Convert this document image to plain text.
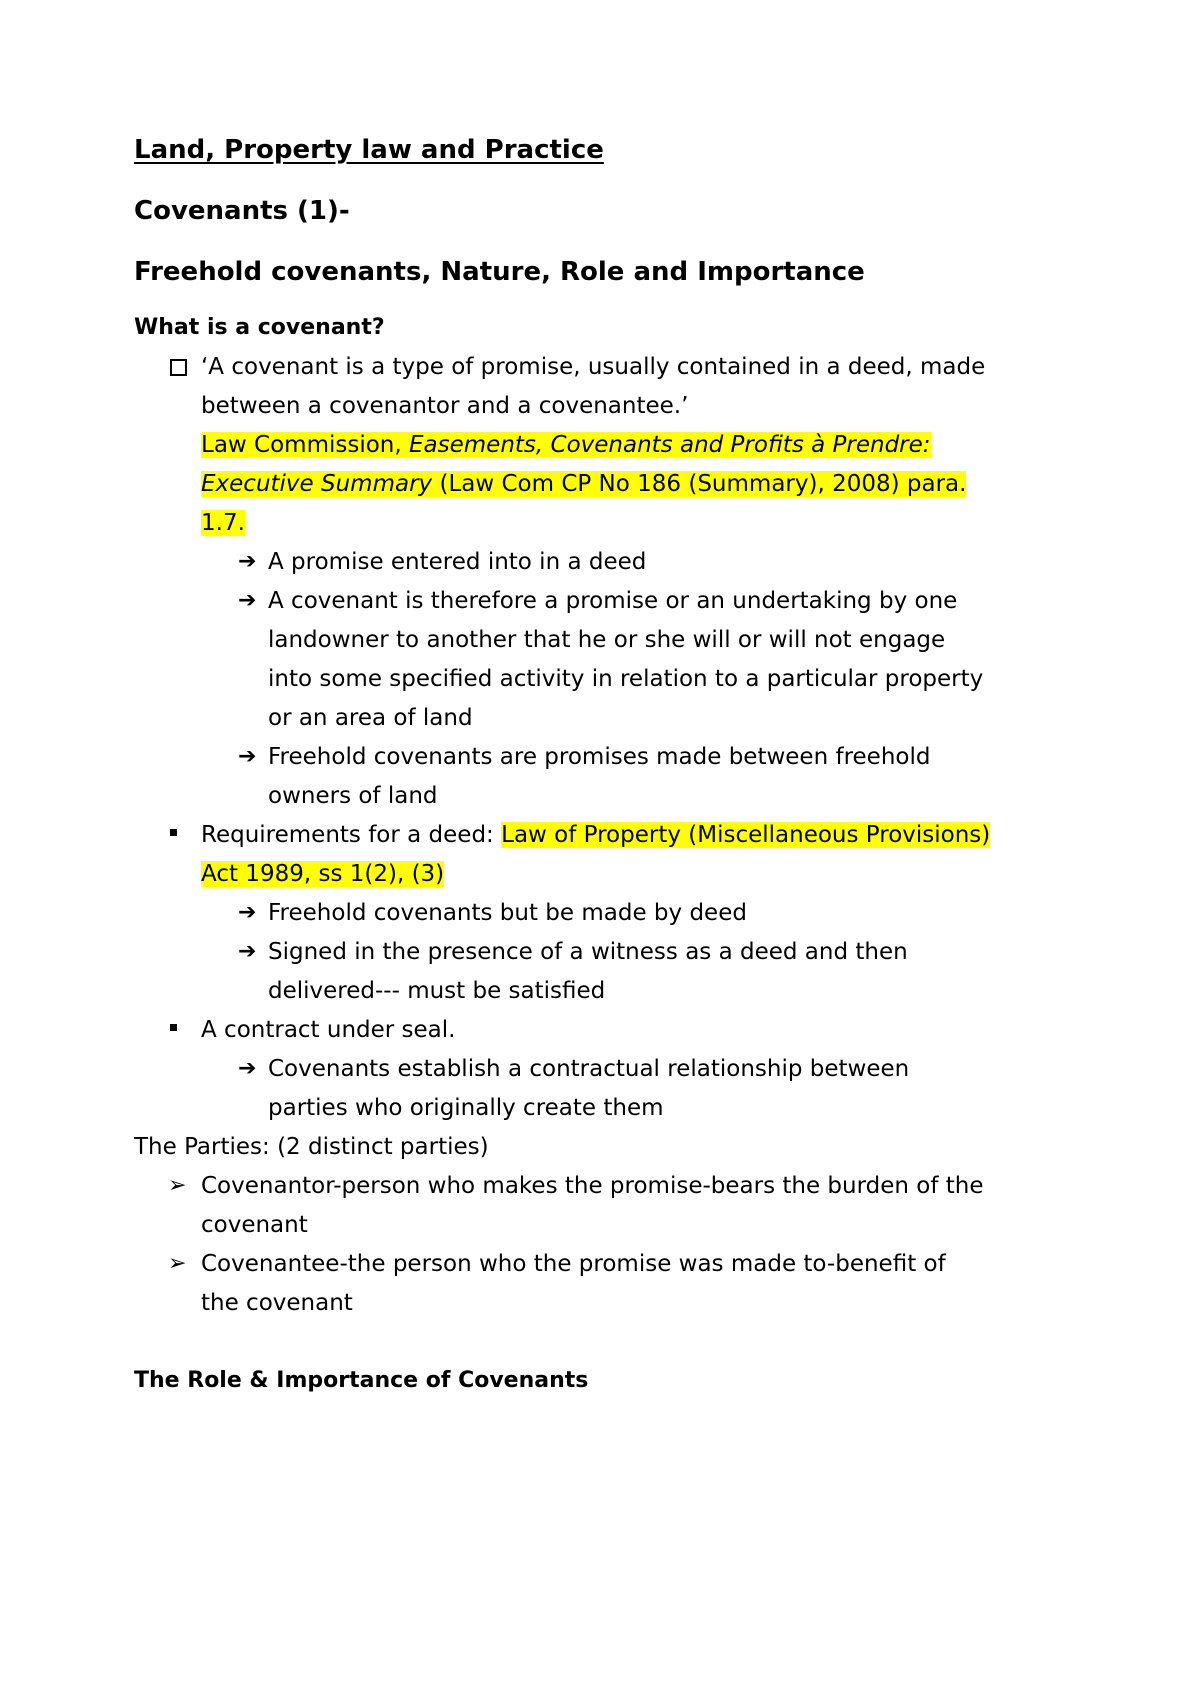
Land, Property law and Practice
Covenants (1)-
Freehold covenants, Nature, Role and Importance
What is a covenant?
‘A covenant is a type of promise, usually contained in a deed, made
between a covenantor and a covenantee.’
Law Commission, Easements, Covenants and Profits à Prendre:
Executive Summary (Law Com CP No 186 (Summary), 2008) para.
1.7.
➔ A promise entered into in a deed
➔ A covenant is therefore a promise or an undertaking by one
landowner to another that he or she will or will not engage
into some specified activity in relation to a particular property
or an area of land
➔ Freehold covenants are promises made between freehold
owners of land
Requirements for a deed: Law of Property (Miscellaneous Provisions)
Act 1989, ss 1(2), (3)
➔ Freehold covenants but be made by deed
➔ Signed in the presence of a witness as a deed and then
delivered--- must be satisfied
A contract under seal.
➔ Covenants establish a contractual relationship between
parties who originally create them
The Parties: (2 distinct parties)
➢ Covenantor-person who makes the promise-bears the burden of the
covenant
➢ Covenantee-the person who the promise was made to-benefit of
the covenant
The Role & Importance of Covenants
